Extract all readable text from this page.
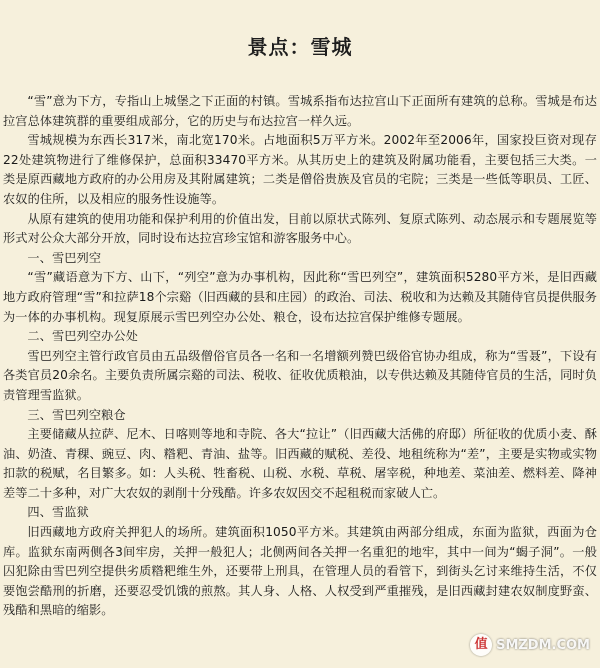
景点：雪城

“雪”意为下方，专指山上城堡之下正面的村镇。雪城系指布达拉宫山下正面所有建筑的总称。雪城是布达拉宫总体建筑群的重要组成部分，它的历史与布达拉宫一样久远。

雪城规模为东西长317米，南北宽170米。占地面积5万平方米。2002年至2006年，国家投巨资对现存22处建筑物进行了维修保护，总面积33470平方米。从其历史上的建筑及附属功能看，主要包括三大类。一类是原西藏地方政府的办公用房及其附属建筑；二类是僧俗贵族及官员的宅院；三类是一些低等职员、工匠、农奴的住所，以及相应的服务性设施等。

从原有建筑的使用功能和保护利用的价值出发，目前以原状式陈列、复原式陈列、动态展示和专题展览等形式对公众大部分开放，同时设布达拉宫珍宝馆和游客服务中心。

一、雪巴列空

“雪”藏语意为下方、山下，“列空”意为办事机构，因此称“雪巴列空”，建筑面积5280平方米，是旧西藏地方政府管理“雪”和拉萨18个宗谿（旧西藏的县和庄园）的政治、司法、税收和为达赖及其随侍官员提供服务为一体的办事机构。现复原展示雪巴列空办公处、粮仓，设布达拉宫保护维修专题展。

二、雪巴列空办公处

雪巴列空主管行政官员由五品级僧俗官员各一名和一名增额列赞巴级俗官协办组成，称为“雪聂”，下设有各类官员20余名。主要负责所属宗谿的司法、税收、征收优质粮油，以专供达赖及其随侍官员的生活，同时负责管理雪监狱。

三、雪巴列空粮仓

主要储藏从拉萨、尼木、日喀则等地和寺院、各大“拉让”（旧西藏大活佛的府邸）所征收的优质小麦、酥油、奶渣、青稞、豌豆、肉、糌粑、青油、盐等。旧西藏的赋税、差役、地租统称为“差”，主要是实物或实物扣款的税赋，名目繁多。如：人头税、牲畜税、山税、水税、草税、屠宰税，种地差、菜油差、燃料差、降神差等二十多种，对广大农奴的剥削十分残酷。许多农奴因交不起租税而家破人亡。

四、雪监狱

旧西藏地方政府关押犯人的场所。建筑面积1050平方米。其建筑由两部分组成，东面为监狱，西面为仓库。监狱东南两侧各3间牢房，关押一般犯人；北侧两间各关押一名重犯的地牢，其中一间为“蝎子洞”。一般囚犯除由雪巴列空提供劣质糌粑维生外，还要带上刑具，在管理人员的看管下，到街头乞讨来维持生活，不仅要饱尝酷刑的折磨，还要忍受饥饿的煎熬。其人身、人格、人权受到严重摧残，是旧西藏封建农奴制度野蛮、残酷和黑暗的缩影。

值 SMZDM.COM
